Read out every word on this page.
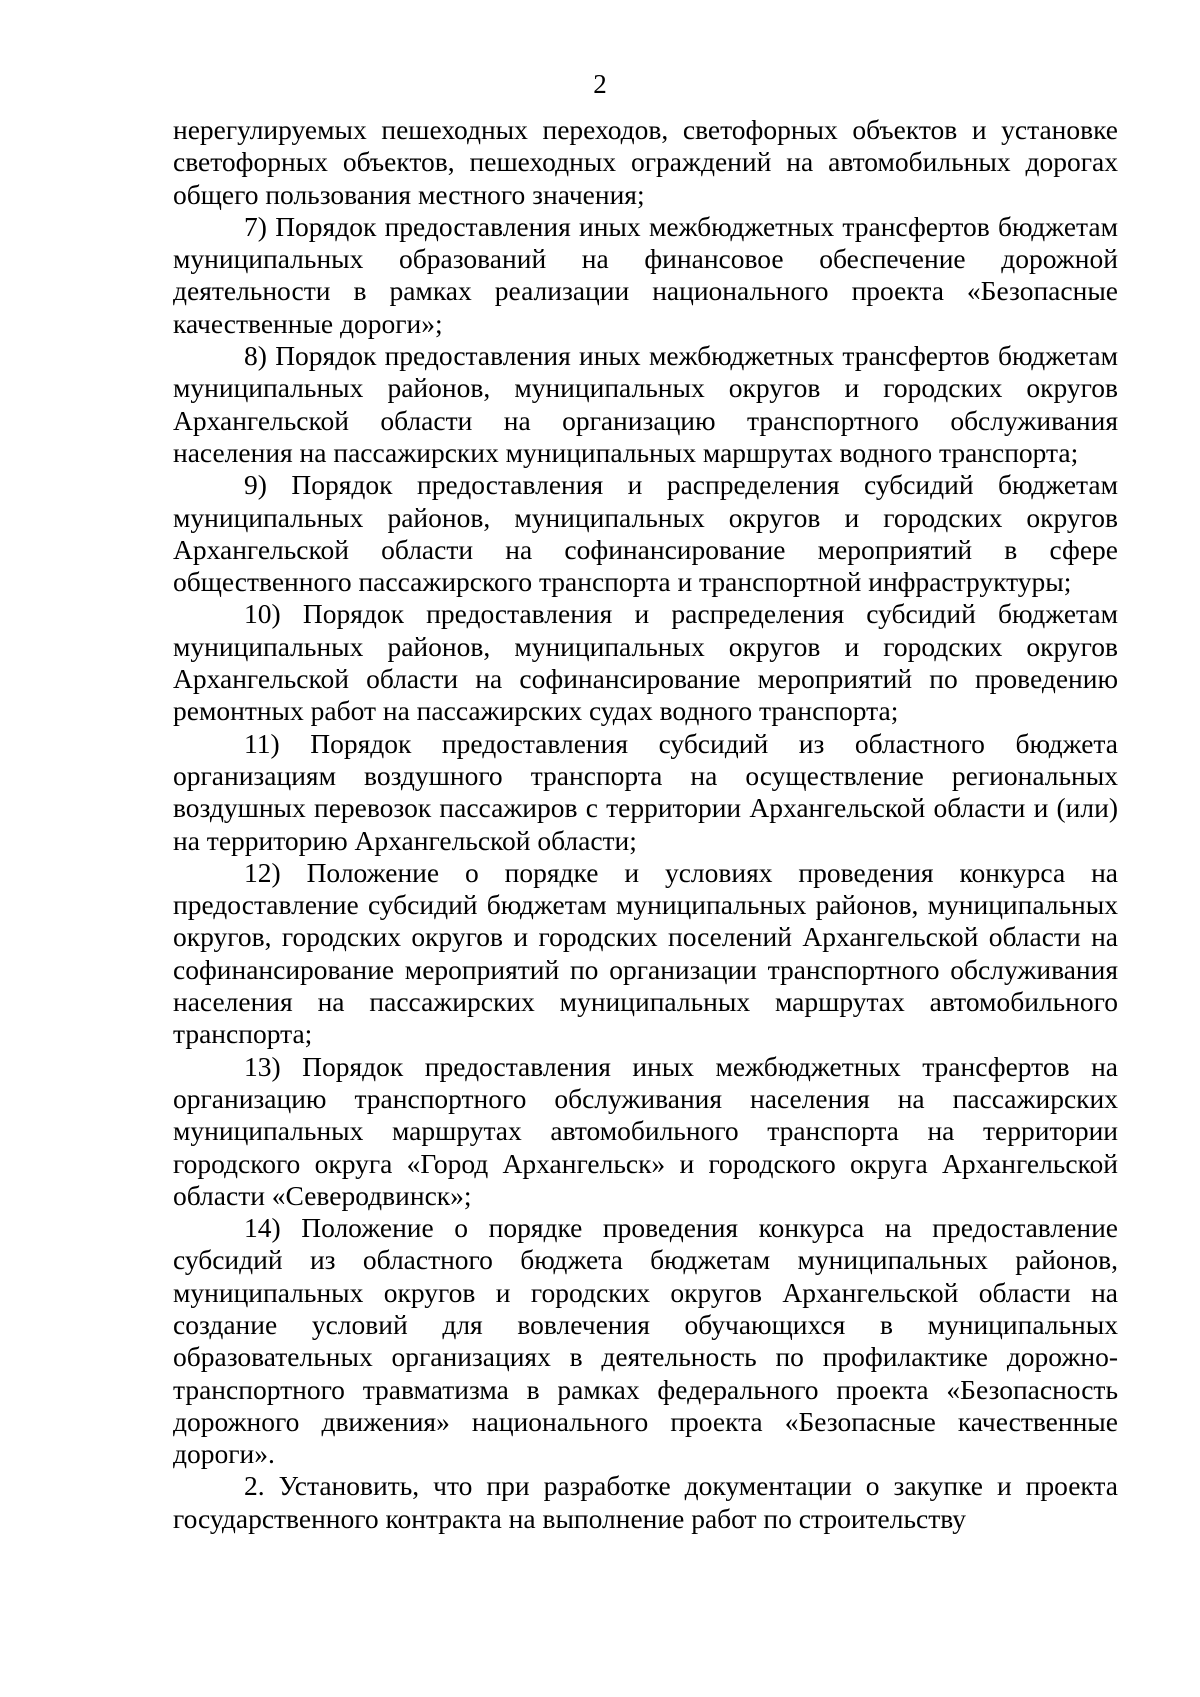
2

нерегулируемых пешеходных переходов, светофорных объектов и установке светофорных объектов, пешеходных ограждений на автомобильных дорогах общего пользования местного значения;

7) Порядок предоставления иных межбюджетных трансфертов бюджетам муниципальных образований на финансовое обеспечение дорожной деятельности в рамках реализации национального проекта «Безопасные качественные дороги»;

8) Порядок предоставления иных межбюджетных трансфертов бюджетам муниципальных районов, муниципальных округов и городских округов Архангельской области на организацию транспортного обслуживания населения на пассажирских муниципальных маршрутах водного транспорта;

9) Порядок предоставления и распределения субсидий бюджетам муниципальных районов, муниципальных округов и городских округов Архангельской области на софинансирование мероприятий в сфере общественного пассажирского транспорта и транспортной инфраструктуры;

10) Порядок предоставления и распределения субсидий бюджетам муниципальных районов, муниципальных округов и городских округов Архангельской области на софинансирование мероприятий по проведению ремонтных работ на пассажирских судах водного транспорта;

11) Порядок предоставления субсидий из областного бюджета организациям воздушного транспорта на осуществление региональных воздушных перевозок пассажиров с территории Архангельской области и (или) на территорию Архангельской области;

12) Положение о порядке и условиях проведения конкурса на предоставление субсидий бюджетам муниципальных районов, муниципальных округов, городских округов и городских поселений Архангельской области на софинансирование мероприятий по организации транспортного обслуживания населения на пассажирских муниципальных маршрутах автомобильного транспорта;

13) Порядок предоставления иных межбюджетных трансфертов на организацию транспортного обслуживания населения на пассажирских муниципальных маршрутах автомобильного транспорта на территории городского округа «Город Архангельск» и городского округа Архангельской области «Северодвинск»;

14) Положение о порядке проведения конкурса на предоставление субсидий из областного бюджета бюджетам муниципальных районов, муниципальных округов и городских округов Архангельской области на создание условий для вовлечения обучающихся в муниципальных образовательных организациях в деятельность по профилактике дорожно-транспортного травматизма в рамках федерального проекта «Безопасность дорожного движения» национального проекта «Безопасные качественные дороги».

2. Установить, что при разработке документации о закупке и проекта государственного контракта на выполнение работ по строительству
